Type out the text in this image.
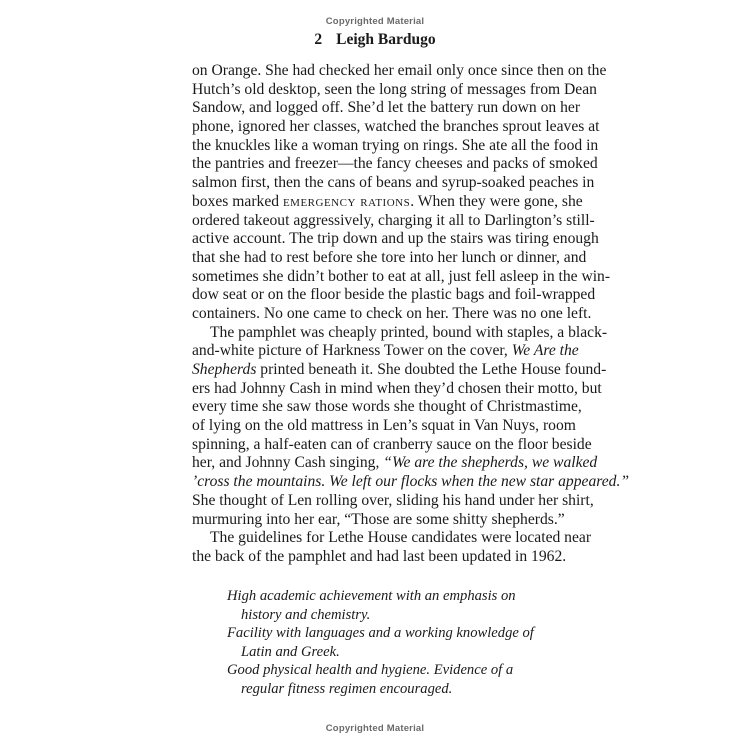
Copyrighted Material
2 Leigh Bardugo
on Orange. She had checked her email only once since then on the
Hutch’s old desktop, seen the long string of messages from Dean
Sandow, and logged off. She’d let the battery run down on her
phone, ignored her classes, watched the branches sprout leaves at
the knuckles like a woman trying on rings. She ate all the food in
the pantries and freezer—the fancy cheeses and packs of smoked
salmon first, then the cans of beans and syrup-soaked peaches in
boxes marked emergency rations. When they were gone, she
ordered takeout aggressively, charging it all to Darlington’s still-
active account. The trip down and up the stairs was tiring enough
that she had to rest before she tore into her lunch or dinner, and
sometimes she didn’t bother to eat at all, just fell asleep in the win-
dow seat or on the floor beside the plastic bags and foil-wrapped
containers. No one came to check on her. There was no one left.
The pamphlet was cheaply printed, bound with staples, a black-
and-white picture of Harkness Tower on the cover, We Are the
Shepherds printed beneath it. She doubted the Lethe House found-
ers had Johnny Cash in mind when they’d chosen their motto, but
every time she saw those words she thought of Christmastime,
of lying on the old mattress in Len’s squat in Van Nuys, room
spinning, a half-eaten can of cranberry sauce on the floor beside
her, and Johnny Cash singing, “We are the shepherds, we walked
’cross the mountains. We left our flocks when the new star appeared.”
She thought of Len rolling over, sliding his hand under her shirt,
murmuring into her ear, “Those are some shitty shepherds.”
The guidelines for Lethe House candidates were located near
the back of the pamphlet and had last been updated in 1962.
High academic achievement with an emphasis on
history and chemistry.
Facility with languages and a working knowledge of
Latin and Greek.
Good physical health and hygiene. Evidence of a
regular fitness regimen encouraged.
Copyrighted Material
